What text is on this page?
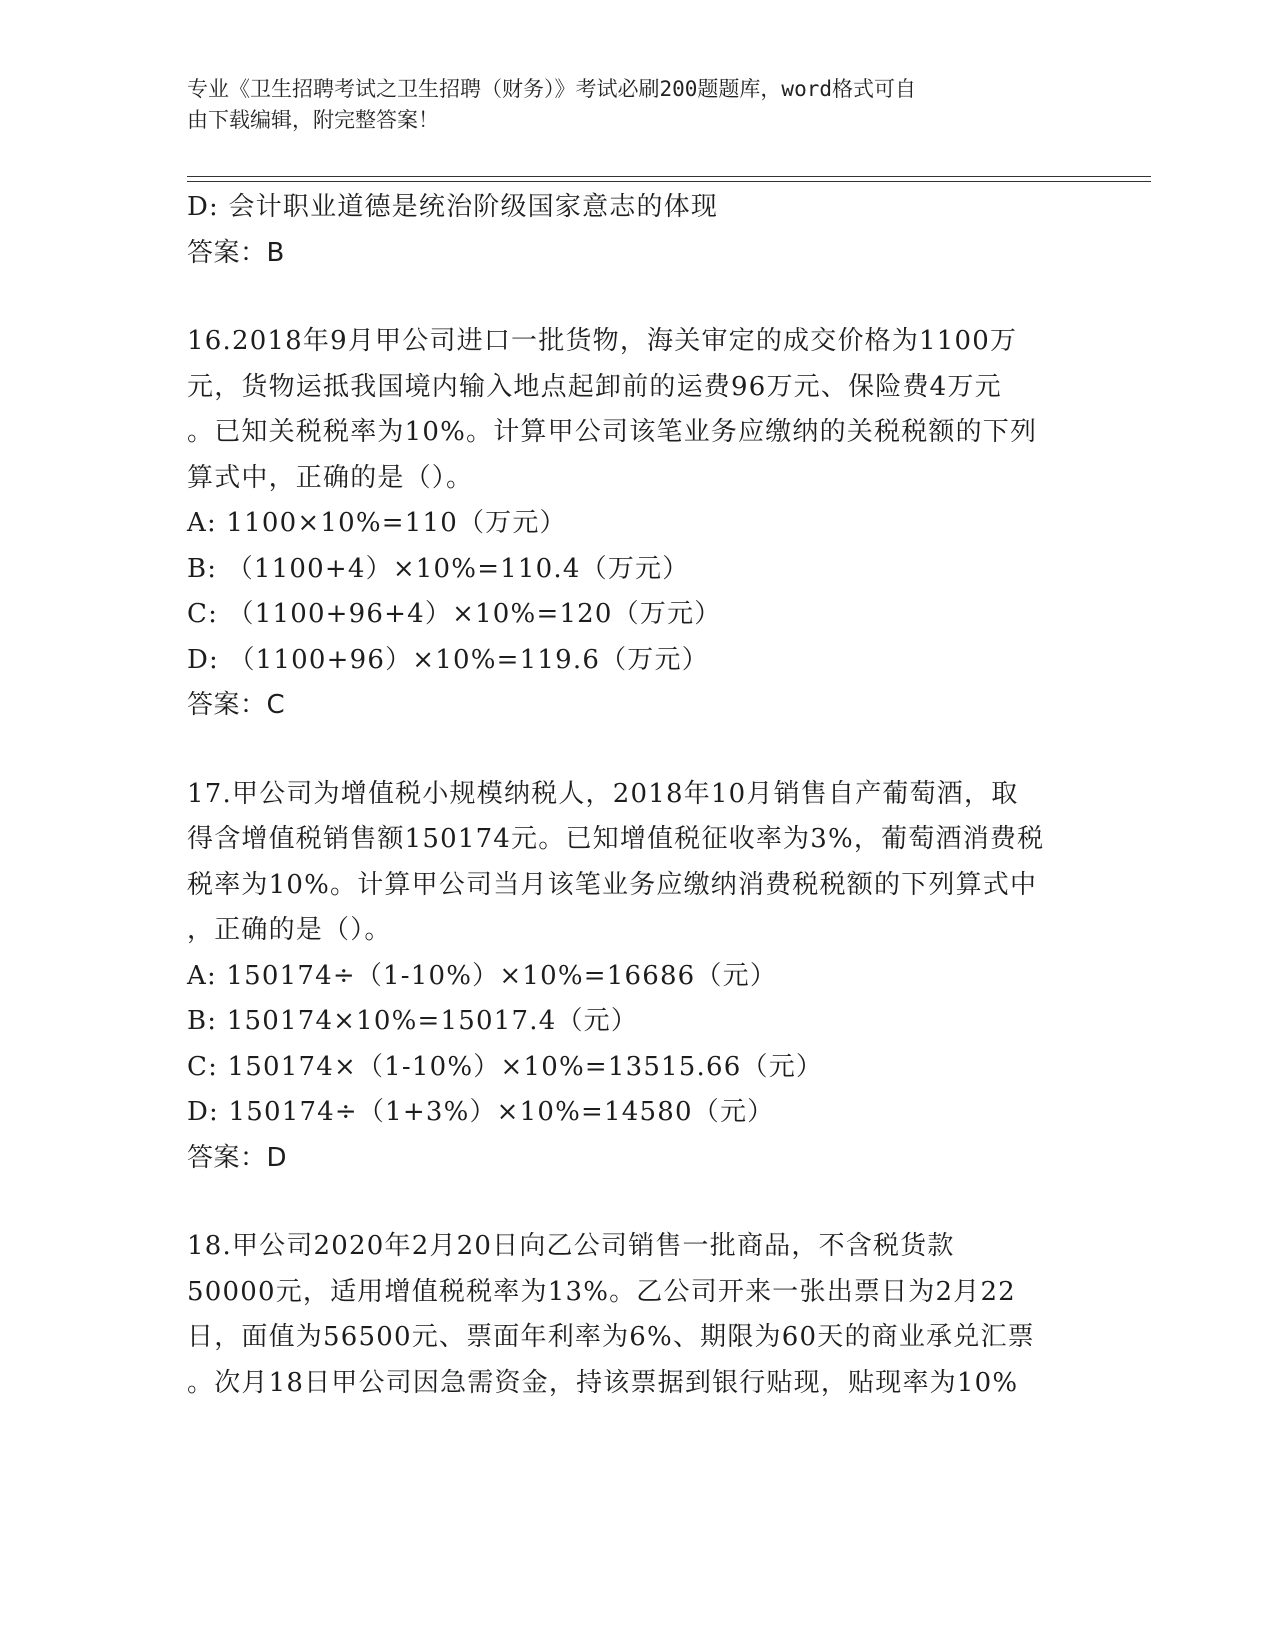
专业《卫生招聘考试之卫生招聘（财务）》考试必刷200题题库，word格式可自
由下载编辑，附完整答案！
D: 会计职业道德是统治阶级国家意志的体现
答案：B
16.2018年9月甲公司进口一批货物，海关审定的成交价格为1100万
元，货物运抵我国境内输入地点起卸前的运费96万元、保险费4万元
。已知关税税率为10%。计算甲公司该笔业务应缴纳的关税税额的下列
算式中，正确的是（）。
A: 1100×10%=110（万元）
B: （1100+4）×10%=110.4（万元）
C: （1100+96+4）×10%=120（万元）
D: （1100+96）×10%=119.6（万元）
答案：C
17.甲公司为增值税小规模纳税人，2018年10月销售自产葡萄酒，取
得含增值税销售额150174元。已知增值税征收率为3%，葡萄酒消费税
税率为10%。计算甲公司当月该笔业务应缴纳消费税税额的下列算式中
，正确的是（）。
A: 150174÷（1-10%）×10%=16686（元）
B: 150174×10%=15017.4（元）
C: 150174×（1-10%）×10%=13515.66（元）
D: 150174÷（1+3%）×10%=14580（元）
答案：D
18.甲公司2020年2月20日向乙公司销售一批商品，不含税货款
50000元，适用增值税税率为13%。乙公司开来一张出票日为2月22
日，面值为56500元、票面年利率为6%、期限为60天的商业承兑汇票
。次月18日甲公司因急需资金，持该票据到银行贴现，贴现率为10%
